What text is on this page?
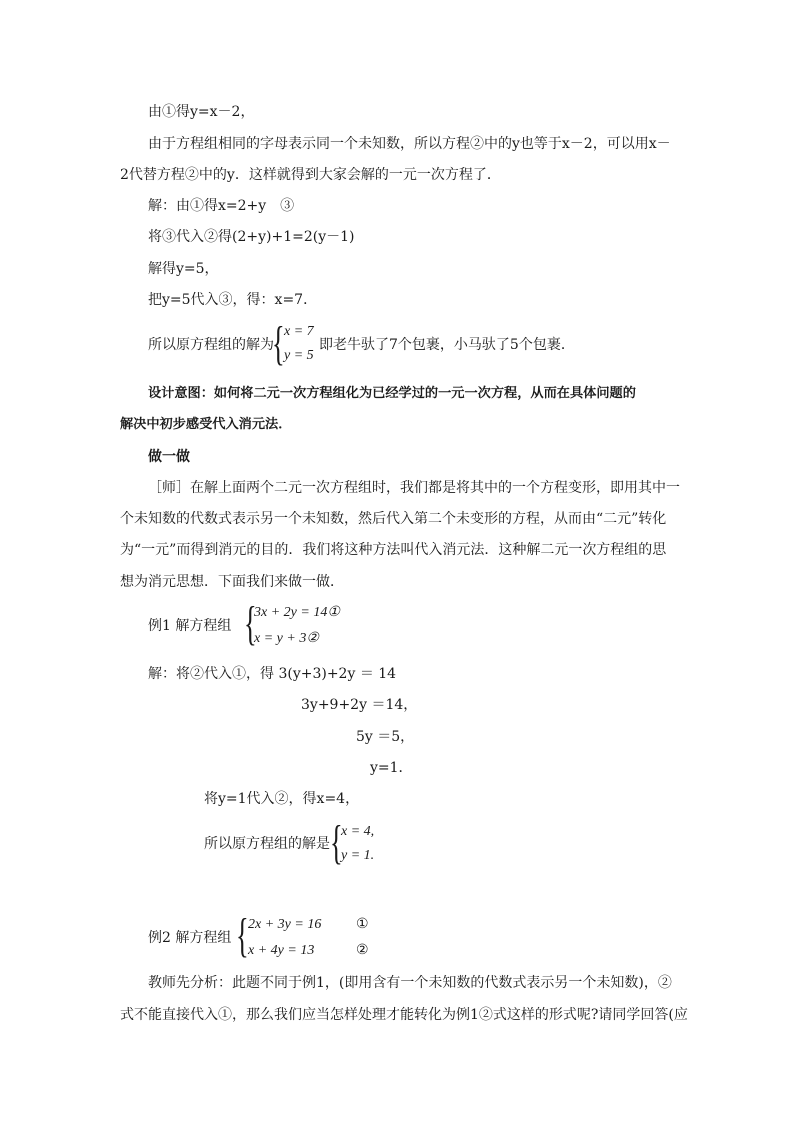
由①得y=x－2，
由于方程组相同的字母表示同一个未知数，所以方程②中的y也等于x－2，可以用x－
2代替方程②中的y．这样就得到大家会解的一元一次方程了．
解：由①得x=2+y　③
将③代入②得(2+y)+1=2(y－1)
解得y=5，
把y=5代入③，得：x=7．
所以原方程组的解为
{ x = 7
y = 5
即老牛驮了7个包裹，小马驮了5个包裹．
设计意图：如何将二元一次方程组化为已经学过的一元一次方程，从而在具体问题的
解决中初步感受代入消元法．
做一做
［师］在解上面两个二元一次方程组时，我们都是将其中的一个方程变形，即用其中一
个未知数的代数式表示另一个未知数，然后代入第二个未变形的方程，从而由“二元”转化
为“一元”而得到消元的目的．我们将这种方法叫代入消元法．这种解二元一次方程组的思
想为消元思想．下面我们来做一做．
例1 解方程组 {
3x + 2y = 14①
x = y + 3②
解：将②代入①，得 3(y+3)+2y ＝ 14
3y+9+2y ＝14，
5y ＝5，
y=1．
将y=1代入②，得x=4，
所以原方程组的解是 {
x = 4,
y = 1.
例2 解方程组 { 2x + 3y = 16
x + 4y = 13
①
②
教师先分析：此题不同于例1，(即用含有一个未知数的代数式表示另一个未知数)，②
式不能直接代入①，那么我们应当怎样处理才能转化为例1②式这样的形式呢?请同学回答(应
